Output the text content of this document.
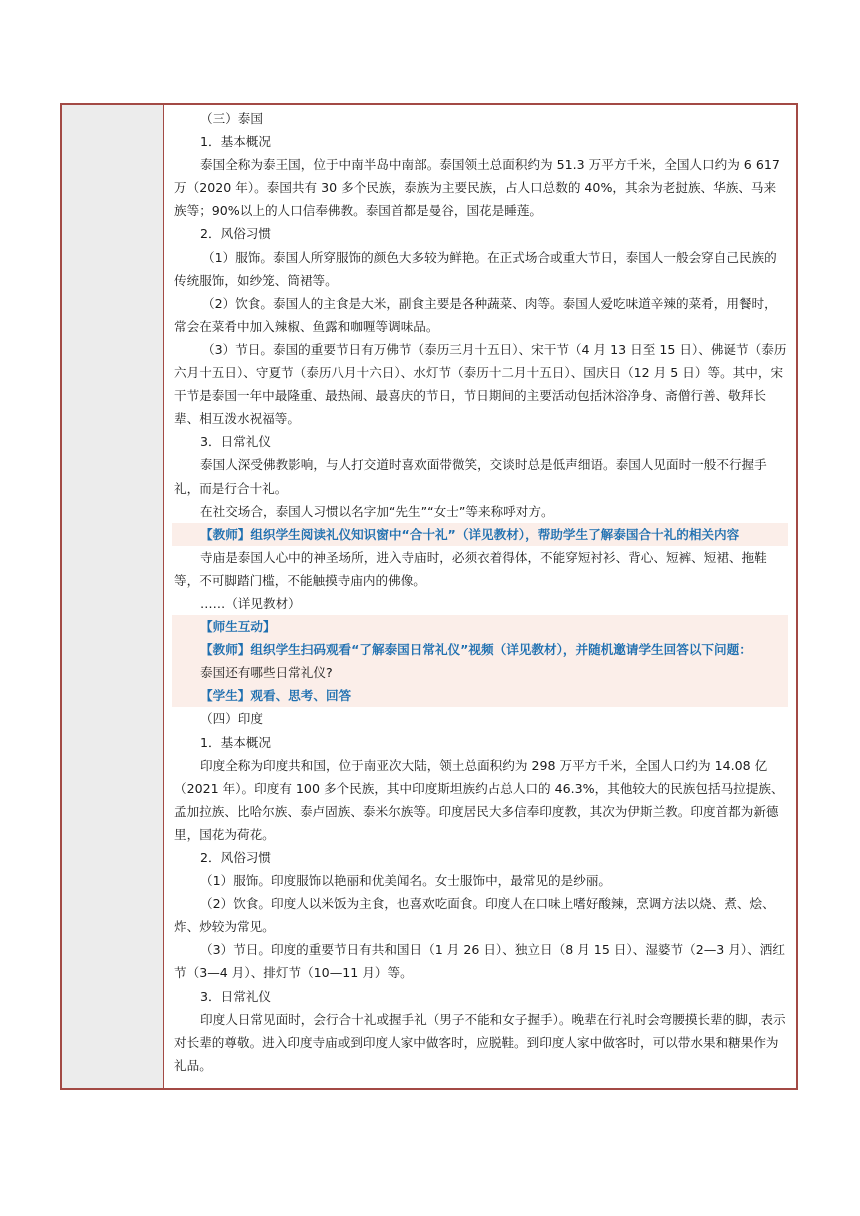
（三）泰国

1．基本概况

泰国全称为泰王国，位于中南半岛中南部。泰国领土总面积约为 51.3 万平方千米，全国人口约为 6 617 万（2020 年）。泰国共有 30 多个民族，泰族为主要民族，占人口总数的 40%，其余为老挝族、华族、马来族等；90%以上的人口信奉佛教。泰国首都是曼谷，国花是睡莲。

2．风俗习惯

（1）服饰。泰国人所穿服饰的颜色大多较为鲜艳。在正式场合或重大节日，泰国人一般会穿自己民族的传统服饰，如纱笼、筒裙等。

（2）饮食。泰国人的主食是大米，副食主要是各种蔬菜、肉等。泰国人爱吃味道辛辣的菜肴，用餐时，常会在菜肴中加入辣椒、鱼露和咖喱等调味品。

（3）节日。泰国的重要节日有万佛节（泰历三月十五日）、宋干节（4 月 13 日至 15 日）、佛诞节（泰历六月十五日）、守夏节（泰历八月十六日）、水灯节（泰历十二月十五日）、国庆日（12 月 5 日）等。其中，宋干节是泰国一年中最隆重、最热闹、最喜庆的节日，节日期间的主要活动包括沐浴净身、斋僧行善、敬拜长辈、相互泼水祝福等。

3．日常礼仪

泰国人深受佛教影响，与人打交道时喜欢面带微笑，交谈时总是低声细语。泰国人见面时一般不行握手礼，而是行合十礼。

在社交场合，泰国人习惯以名字加“先生”“女士”等来称呼对方。

【教师】组织学生阅读礼仪知识窗中“合十礼”（详见教材），帮助学生了解泰国合十礼的相关内容

寺庙是泰国人心中的神圣场所，进入寺庙时，必须衣着得体，不能穿短衬衫、背心、短裤、短裙、拖鞋等，不可脚踏门槛，不能触摸寺庙内的佛像。

……（详见教材）

【师生互动】

【教师】组织学生扫码观看“了解泰国日常礼仪”视频（详见教材），并随机邀请学生回答以下问题：

泰国还有哪些日常礼仪?

【学生】观看、思考、回答

（四）印度

1．基本概况

印度全称为印度共和国，位于南亚次大陆，领土总面积约为 298 万平方千米，全国人口约为 14.08 亿（2021 年）。印度有 100 多个民族，其中印度斯坦族约占总人口的 46.3%，其他较大的民族包括马拉提族、孟加拉族、比哈尔族、泰卢固族、泰米尔族等。印度居民大多信奉印度教，其次为伊斯兰教。印度首都为新德里，国花为荷花。

2．风俗习惯

（1）服饰。印度服饰以艳丽和优美闻名。女士服饰中，最常见的是纱丽。

（2）饮食。印度人以米饭为主食，也喜欢吃面食。印度人在口味上嗜好酸辣，烹调方法以烧、煮、烩、炸、炒较为常见。

（3）节日。印度的重要节日有共和国日（1 月 26 日）、独立日（8 月 15 日）、湿婆节（2—3 月）、洒红节（3—4 月）、排灯节（10—11 月）等。

3．日常礼仪

印度人日常见面时，会行合十礼或握手礼（男子不能和女子握手）。晚辈在行礼时会弯腰摸长辈的脚，表示对长辈的尊敬。进入印度寺庙或到印度人家中做客时，应脱鞋。到印度人家中做客时，可以带水果和糖果作为礼品。
